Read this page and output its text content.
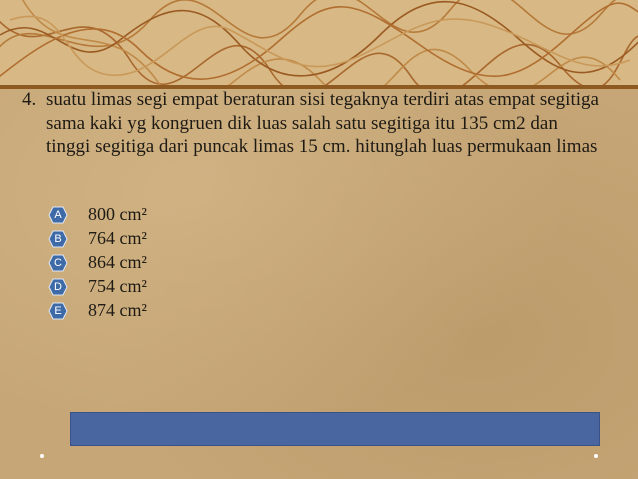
4. suatu limas segi empat beraturan sisi tegaknya terdiri atas empat segitiga sama kaki yg kongruen dik luas salah satu segitiga itu 135 cm2 dan tinggi segitiga dari puncak limas 15 cm. hitunglah luas permukaan limas
A 800 cm²
B 764 cm²
C 864 cm²
D 754 cm²
E 874 cm²
